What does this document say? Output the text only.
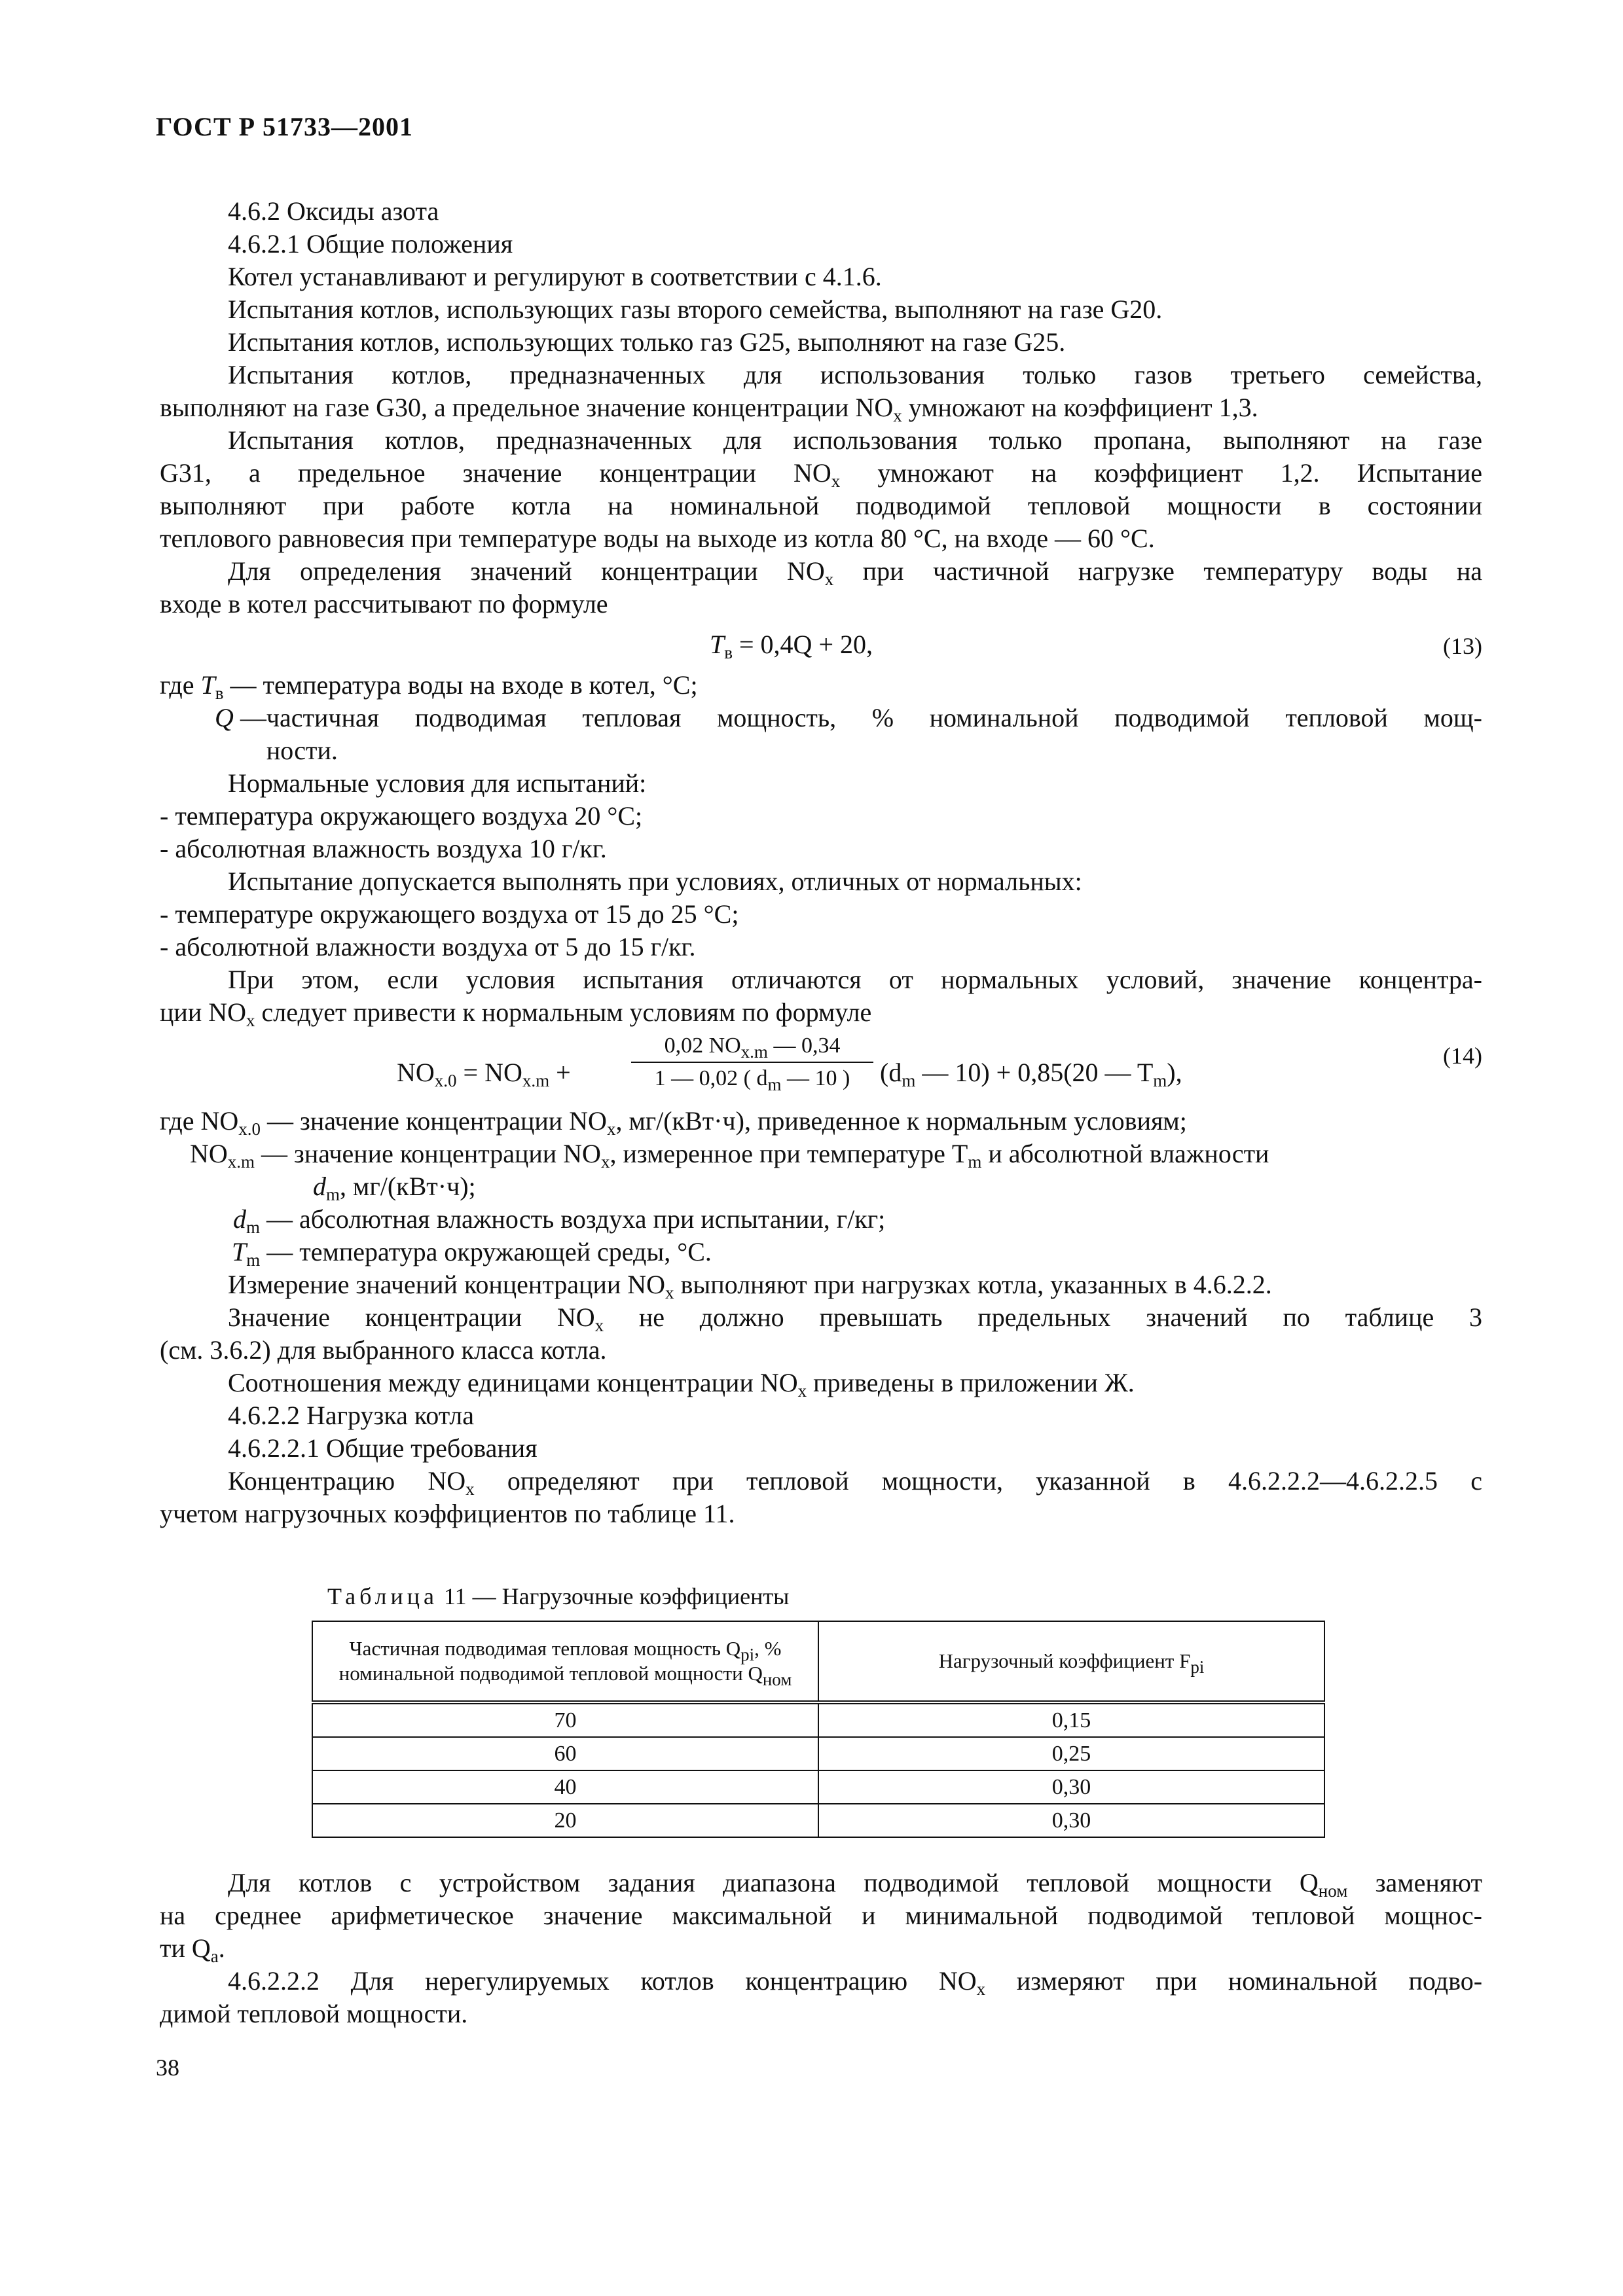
ГОСТ Р 51733—2001
4.6.2 Оксиды азота
4.6.2.1 Общие положения
Котел устанавливают и регулируют в соответствии с 4.1.6.
Испытания котлов, использующих газы второго семейства, выполняют на газе G20.
Испытания котлов, использующих только газ G25, выполняют на газе G25.
Испытания котлов, предназначенных для использования только газов третьего семейства,
выполняют на газе G30, а предельное значение концентрации $NO_x$ умножают на коэффициент 1,3.
Испытания котлов, предназначенных для использования только пропана, выполняют на газе
G31, а предельное значение концентрации $NO_x$ умножают на коэффициент 1,2. Испытание
выполняют при работе котла на номинальной подводимой тепловой мощности в состоянии
теплового равновесия при температуре воды на выходе из котла 80 °С, на входе — 60 °С.
Для определения значений концентрации $NO_x$ при частичной нагрузке температуру воды на
входе в котел рассчитывают по формуле
$T_в = 0,4Q + 20$,	(13)
где $T_в$ — температура воды на входе в котел, °С;
Q — частичная подводимая тепловая мощность, % номинальной подводимой тепловой мощ-
ности.
Нормальные условия для испытаний:
- температура окружающего воздуха 20 °С;
- абсолютная влажность воздуха 10 г/кг.
Испытание допускается выполнять при условиях, отличных от нормальных:
- температуре окружающего воздуха от 15 до 25 °С;
- абсолютной влажности воздуха от 5 до 15 г/кг.
При этом, если условия испытания отличаются от нормальных условий, значение концентра-
ции $NO_x$ следует привести к нормальным условиям по формуле
$NO_{x.0} = NO_{x.m}$ +
0,02 $NO_{x.m}$ — 0,34
1 — 0,02 ( $d_m$ — 10 )	($d_m$ — 10) + 0,85(20 — $T_m$),
(14)
где $NO_{x.0}$ — значение концентрации $NO_x$, мг/(кВт·ч), приведенное к нормальным условиям;
$NO_{x.m}$ — значение концентрации $NO_x$, измеренное при температуре $T_m$ и абсолютной влажности
$d_m$, мг/(кВт·ч);
$d_m$ — абсолютная влажность воздуха при испытании, г/кг;
$T_m$ — температура окружающей среды, °С.
Измерение значений концентрации $NO_x$ выполняют при нагрузках котла, указанных в 4.6.2.2.
Значение концентрации $NO_x$ не должно превышать предельных значений по таблице 3
(см. 3.6.2) для выбранного класса котла.
Соотношения между единицами концентрации $NO_x$ приведены в приложении Ж.
4.6.2.2 Нагрузка котла
4.6.2.2.1 Общие требования
Концентрацию $NO_x$ определяют при тепловой мощности, указанной в 4.6.2.2.2—4.6.2.2.5 с
учетом нагрузочных коэффициентов по таблице 11.
Таблица 11 — Нагрузочные коэффициенты
Частичная подводимая тепловая мощность $Q_{pi}$, %
номинальной подводимой тепловой мощности $Q_{ном}$	Нагрузочный коэффициент $F_{pi}$
70	0,15
60	0,25
40	0,30
20	0,30
Для котлов с устройством задания диапазона подводимой тепловой мощности $Q_{ном}$ заменяют
на среднее арифметическое значение максимальной и минимальной подводимой тепловой мощнос-
ти $Q_a$.
4.6.2.2.2 Для нерегулируемых котлов концентрацию $NO_x$ измеряют при номинальной подво-
димой тепловой мощности.
38
